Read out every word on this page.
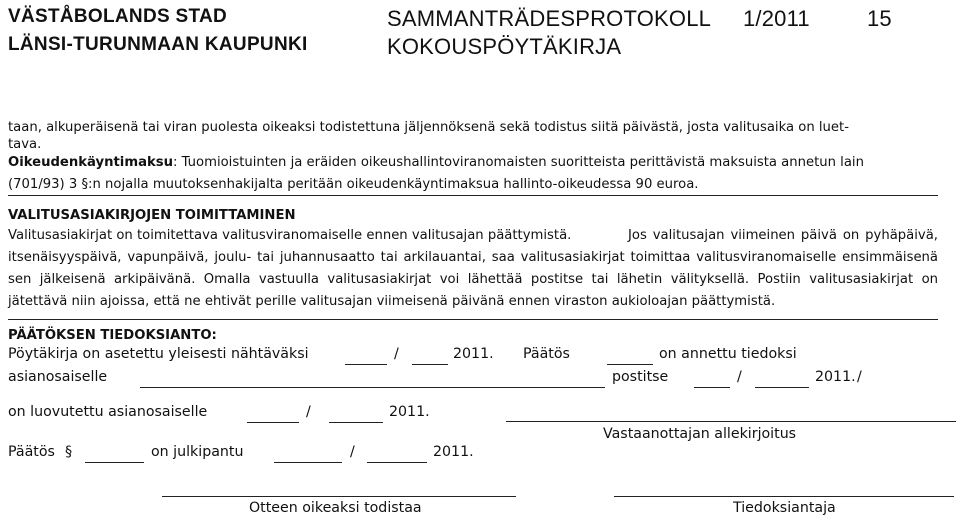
VÄSTÅBOLANDS STAD
LÄNSI-TURUNMAAN KAUPUNKI
SAMMANTRÄDESPROTOKOLL
KOKOUSPÖYTÄKIRJA
1/2011	15
taan, alkuperäisenä tai viran puolesta oikeaksi todistettuna jäljennöksenä sekä todistus siitä päivästä, josta valitusaika on luet-
tava.
Oikeudenkäyntimaksu: Tuomioistuinten ja eräiden oikeushallintoviranomaisten suoritteista perittävistä maksuista annetun lain
(701/93) 3 §:n nojalla muutoksenhakijalta peritään oikeudenkäyntimaksua hallinto-oikeudessa 90 euroa.
VALITUSASIAKIRJOJEN TOIMITTAMINEN
Valitusasiakirjat on toimitettava valitusviranomaiselle ennen valitusajan päättymistä.	Jos valitusajan viimeinen päivä on pyhäpäivä, itsenäisyyspäivä, vapunpäivä, joulu- tai juhannusaatto tai arkilauantai, saa valitusasiakirjat toimittaa valitusviranomaiselle ensimmäisenä sen jälkeisenä arkipäivänä. Omalla vastuulla valitusasiakirjat voi lähettää postitse tai lähetin välityksellä. Postiin valitusasiakirjat on jätettävä niin ajoissa, että ne ehtivät perille valitusajan viimeisenä päivänä ennen viraston aukioloajan päättymistä.
PÄÄTÖKSEN TIEDOKSIANTO:
Pöytäkirja on asetettu yleisesti nähtäväksi	/	2011. Päätös	on annettu tiedoksi
asianosaiselle	postitse	/	2011. /
on luovutettu asianosaiselle	/	2011.
Vastaanottajan allekirjoitus
Päätös §	on julkipantu	/	2011.
Otteen oikeaksi todistaa	Tiedoksiantaja
